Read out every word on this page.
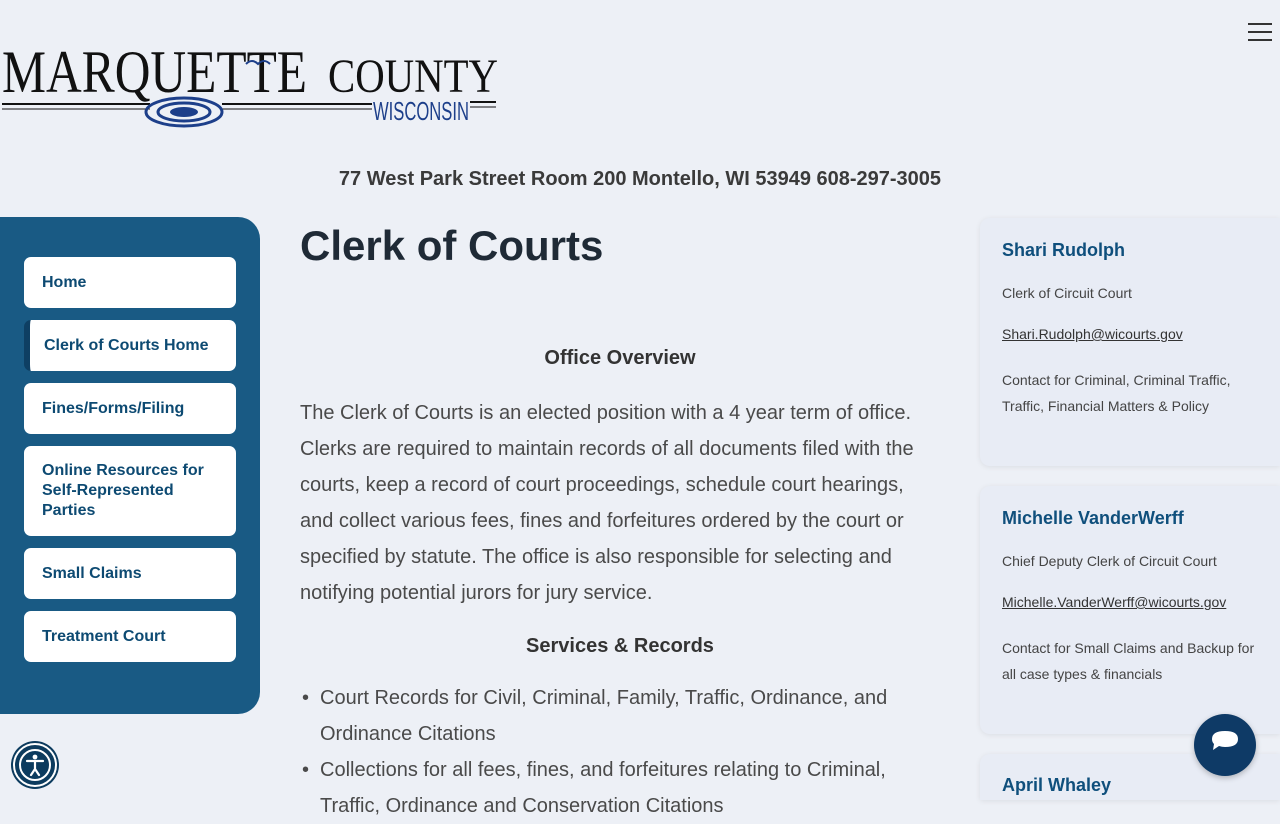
MARQUETTE COUNTY
WISCONSIN
77 West Park Street Room 200 Montello, WI 53949 608-297-3005
Home
Clerk of Courts Home
Fines/Forms/Filing
Online Resources for Self-Represented Parties
Small Claims
Treatment Court
Clerk of Courts
Office Overview

The Clerk of Courts is an elected position with a 4 year term of office. Clerks are required to maintain records of all documents filed with the courts, keep a record of court proceedings, schedule court hearings, and collect various fees, fines and forfeitures ordered by the court or specified by statute. The office is also responsible for selecting and notifying potential jurors for jury service.

Services & Records
• Court Records for Civil, Criminal, Family, Traffic, Ordinance, and Ordinance Citations
• Collections for all fees, fines, and forfeitures relating to Criminal, Traffic, Ordinance and Conservation Citations
Shari Rudolph
Clerk of Circuit Court
Shari.Rudolph@wicourts.gov
Contact for Criminal, Criminal Traffic, Traffic, Financial Matters & Policy
Michelle VanderWerff
Chief Deputy Clerk of Circuit Court
Michelle.VanderWerff@wicourts.gov
Contact for Small Claims and Backup for all case types & financials
April Whaley
